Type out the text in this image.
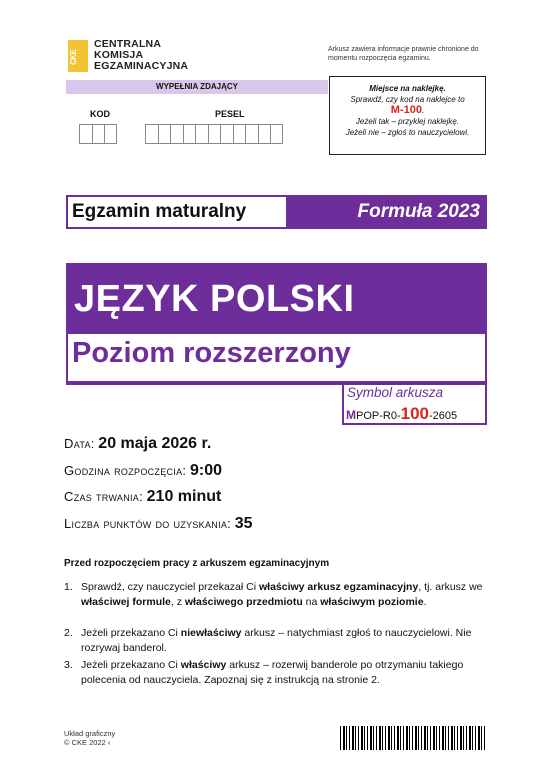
CKE
CENTRALNA
KOMISJA
EGZAMINACYJNA
Arkusz zawiera informacje prawnie chronione do momentu rozpoczęcia egzaminu.
WYPEŁNIA ZDAJĄCY
KOD	PESEL
Miejsce na naklejkę.
Sprawdź, czy kod na naklejce to
M-100.
Jeżeli tak – przyklej naklejkę.
Jeżeli nie – zgłoś to nauczycielowi.
Egzamin maturalny	Formuła 2023
JĘZYK POLSKI
Poziom rozszerzony
Symbol arkusza
MPOP-R0-100-2605
Data: 20 maja 2026 r.
Godzina rozpoczęcia: 9:00
Czas trwania: 210 minut
Liczba punktów do uzyskania: 35
Przed rozpoczęciem pracy z arkuszem egzaminacyjnym
1. Sprawdź, czy nauczyciel przekazał Ci właściwy arkusz egzaminacyjny, tj. arkusz we właściwej formule, z właściwego przedmiotu na właściwym poziomie.
2. Jeżeli przekazano Ci niewłaściwy arkusz – natychmiast zgłoś to nauczycielowi. Nie rozrywaj banderol.
3. Jeżeli przekazano Ci właściwy arkusz – rozerwij banderole po otrzymaniu takiego polecenia od nauczyciela. Zapoznaj się z instrukcją na stronie 2.
Układ graficzny
© CKE 2022 ‹
